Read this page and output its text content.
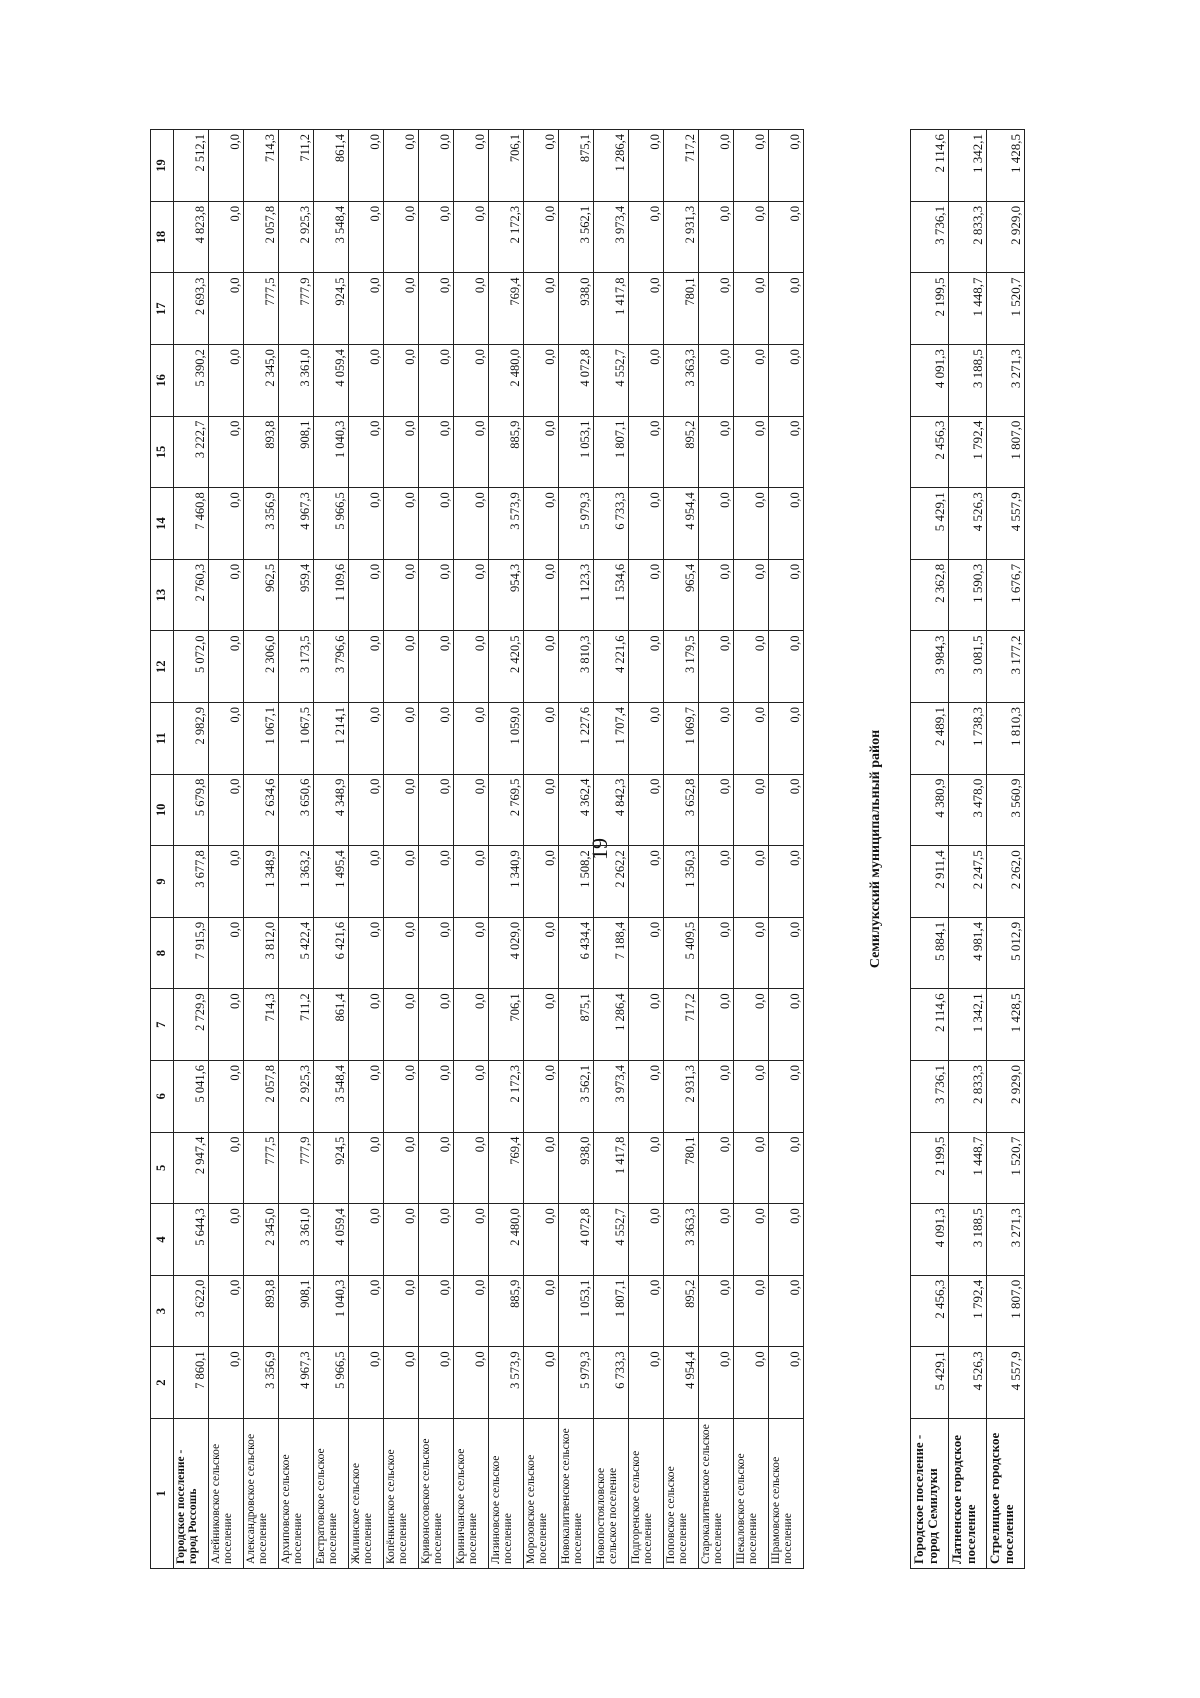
19
1	2	3	4	5	6	7	8	9	10	11	12	13	14	15	16	17	18	19
Городское поселение - город Россошь	7 860,1	3 622,0	5 644,3	2 947,4	5 041,6	2 729,9	7 915,9	3 677,8	5 679,8	2 982,9	5 072,0	2 760,3	7 460,8	3 222,7	5 390,2	2 693,3	4 823,8	2 512,1
Алейниковское сельское поселение	0,0	0,0	0,0	0,0	0,0	0,0	0,0	0,0	0,0	0,0	0,0	0,0	0,0	0,0	0,0	0,0	0,0	0,0
Александровское сельское поселение	3 356,9	893,8	2 345,0	777,5	2 057,8	714,3	3 812,0	1 348,9	2 634,6	1 067,1	2 306,0	962,5	3 356,9	893,8	2 345,0	777,5	2 057,8	714,3
Архиповское сельское поселение	4 967,3	908,1	3 361,0	777,9	2 925,3	711,2	5 422,4	1 363,2	3 650,6	1 067,5	3 173,5	959,4	4 967,3	908,1	3 361,0	777,9	2 925,3	711,2
Евстратовское сельское поселение	5 966,5	1 040,3	4 059,4	924,5	3 548,4	861,4	6 421,6	1 495,4	4 348,9	1 214,1	3 796,6	1 109,6	5 966,5	1 040,3	4 059,4	924,5	3 548,4	861,4
Жилинское сельское поселение	0,0	0,0	0,0	0,0	0,0	0,0	0,0	0,0	0,0	0,0	0,0	0,0	0,0	0,0	0,0	0,0	0,0	0,0
Копёнкинское сельское поселение	0,0	0,0	0,0	0,0	0,0	0,0	0,0	0,0	0,0	0,0	0,0	0,0	0,0	0,0	0,0	0,0	0,0	0,0
Кривоносовское сельское поселение	0,0	0,0	0,0	0,0	0,0	0,0	0,0	0,0	0,0	0,0	0,0	0,0	0,0	0,0	0,0	0,0	0,0	0,0
Криничанское сельское поселение	0,0	0,0	0,0	0,0	0,0	0,0	0,0	0,0	0,0	0,0	0,0	0,0	0,0	0,0	0,0	0,0	0,0	0,0
Лизиновское сельское поселение	3 573,9	885,9	2 480,0	769,4	2 172,3	706,1	4 029,0	1 340,9	2 769,5	1 059,0	2 420,5	954,3	3 573,9	885,9	2 480,0	769,4	2 172,3	706,1
Морозовское сельское поселение	0,0	0,0	0,0	0,0	0,0	0,0	0,0	0,0	0,0	0,0	0,0	0,0	0,0	0,0	0,0	0,0	0,0	0,0
Новокалитвенское сельское поселение	5 979,3	1 053,1	4 072,8	938,0	3 562,1	875,1	6 434,4	1 508,2	4 362,4	1 227,6	3 810,3	1 123,3	5 979,3	1 053,1	4 072,8	938,0	3 562,1	875,1
Новопостояловское сельское поселение	6 733,3	1 807,1	4 552,7	1 417,8	3 973,4	1 286,4	7 188,4	2 262,2	4 842,3	1 707,4	4 221,6	1 534,6	6 733,3	1 807,1	4 552,7	1 417,8	3 973,4	1 286,4
Подгоренское сельское поселение	0,0	0,0	0,0	0,0	0,0	0,0	0,0	0,0	0,0	0,0	0,0	0,0	0,0	0,0	0,0	0,0	0,0	0,0
Поповское сельское поселение	4 954,4	895,2	3 363,3	780,1	2 931,3	717,2	5 409,5	1 350,3	3 652,8	1 069,7	3 179,5	965,4	4 954,4	895,2	3 363,3	780,1	2 931,3	717,2
Старокалитвенское сельское поселение	0,0	0,0	0,0	0,0	0,0	0,0	0,0	0,0	0,0	0,0	0,0	0,0	0,0	0,0	0,0	0,0	0,0	0,0
Шекаловское сельское поселение	0,0	0,0	0,0	0,0	0,0	0,0	0,0	0,0	0,0	0,0	0,0	0,0	0,0	0,0	0,0	0,0	0,0	0,0
Шрамовское сельское поселение	0,0	0,0	0,0	0,0	0,0	0,0	0,0	0,0	0,0	0,0	0,0	0,0	0,0	0,0	0,0	0,0	0,0	0,0
Семилукский муниципальный район
Городское поселение - город Семилуки	5 429,1	2 456,3	4 091,3	2 199,5	3 736,1	2 114,6	5 884,1	2 911,4	4 380,9	2 489,1	3 984,3	2 362,8	5 429,1	2 456,3	4 091,3	2 199,5	3 736,1	2 114,6
Латненское городское поселение	4 526,3	1 792,4	3 188,5	1 448,7	2 833,3	1 342,1	4 981,4	2 247,5	3 478,0	1 738,3	3 081,5	1 590,3	4 526,3	1 792,4	3 188,5	1 448,7	2 833,3	1 342,1
Стрелицкое городское поселение	4 557,9	1 807,0	3 271,3	1 520,7	2 929,0	1 428,5	5 012,9	2 262,0	3 560,9	1 810,3	3 177,2	1 676,7	4 557,9	1 807,0	3 271,3	1 520,7	2 929,0	1 428,5
